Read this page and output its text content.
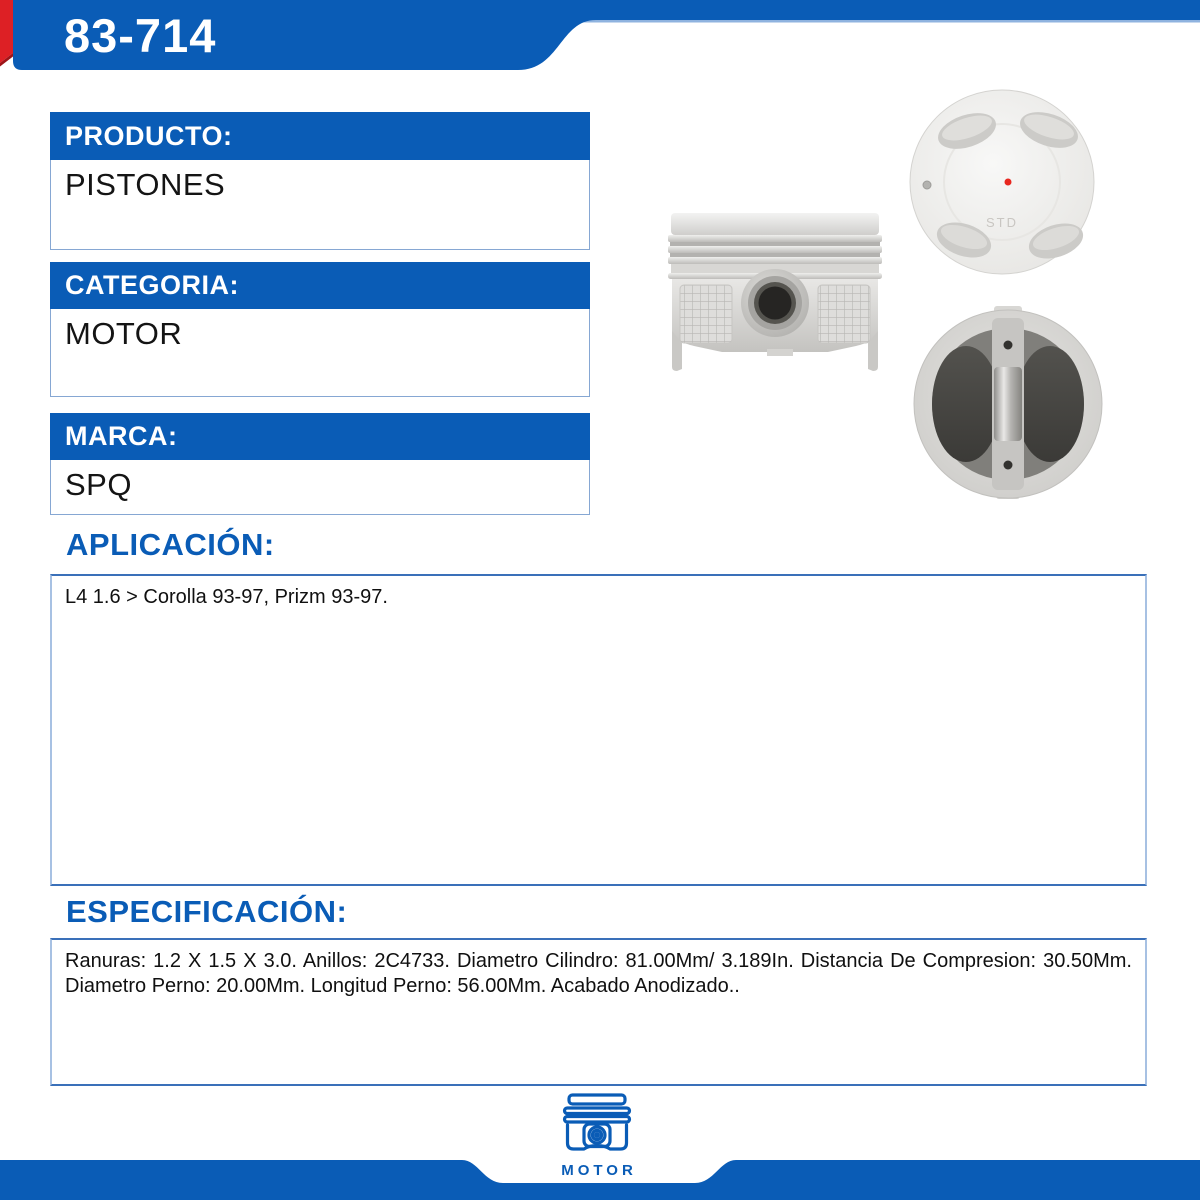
83-714
PRODUCTO:
PISTONES
CATEGORIA:
MOTOR
MARCA:
SPQ
STD
APLICACIÓN:
L4 1.6 > Corolla 93-97, Prizm 93-97.
ESPECIFICACIÓN:
Ranuras: 1.2 X 1.5 X 3.0. Anillos: 2C4733. Diametro Cilindro: 81.00Mm/ 3.189In. Distancia De Compresion: 30.50Mm. Diametro Perno: 20.00Mm. Longitud Perno: 56.00Mm. Acabado Anodizado..
MOTOR
